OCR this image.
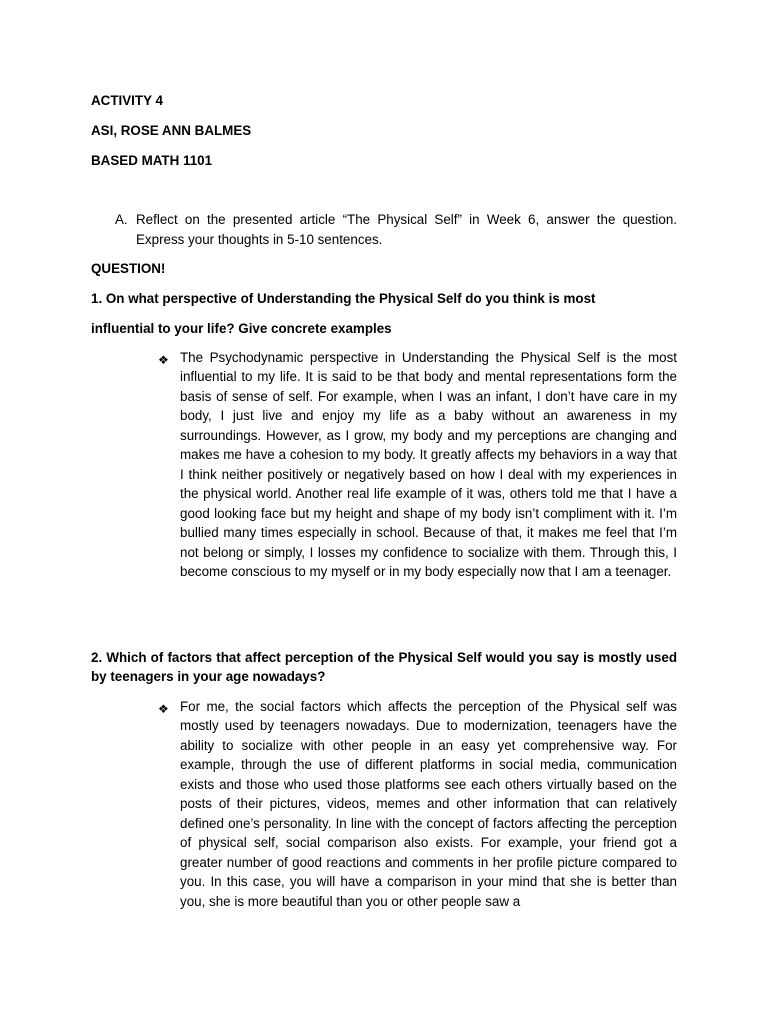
ACTIVITY 4
ASI, ROSE ANN BALMES
BASED MATH 1101
A. Reflect on the presented article “The Physical Self” in Week 6, answer the question. Express your thoughts in 5-10 sentences.
QUESTION!
1. On what perspective of Understanding the Physical Self do you think is most
influential to your life? Give concrete examples
❖ The Psychodynamic perspective in Understanding the Physical Self is the most influential to my life. It is said to be that body and mental representations form the basis of sense of self. For example, when I was an infant, I don’t have care in my body, I just live and enjoy my life as a baby without an awareness in my surroundings. However, as I grow, my body and my perceptions are changing and makes me have a cohesion to my body. It greatly affects my behaviors in a way that I think neither positively or negatively based on how I deal with my experiences in the physical world. Another real life example of it was, others told me that I have a good looking face but my height and shape of my body isn’t compliment with it. I’m bullied many times especially in school. Because of that, it makes me feel that I’m not belong or simply, I losses my confidence to socialize with them. Through this, I become conscious to my myself or in my body especially now that I am a teenager.
2. Which of factors that affect perception of the Physical Self would you say is mostly used by teenagers in your age nowadays?
❖ For me, the social factors which affects the perception of the Physical self was mostly used by teenagers nowadays. Due to modernization, teenagers have the ability to socialize with other people in an easy yet comprehensive way. For example, through the use of different platforms in social media, communication exists and those who used those platforms see each others virtually based on the posts of their pictures, videos, memes and other information that can relatively defined one’s personality. In line with the concept of factors affecting the perception of physical self, social comparison also exists. For example, your friend got a greater number of good reactions and comments in her profile picture compared to you. In this case, you will have a comparison in your mind that she is better than you, she is more beautiful than you or other people saw a
